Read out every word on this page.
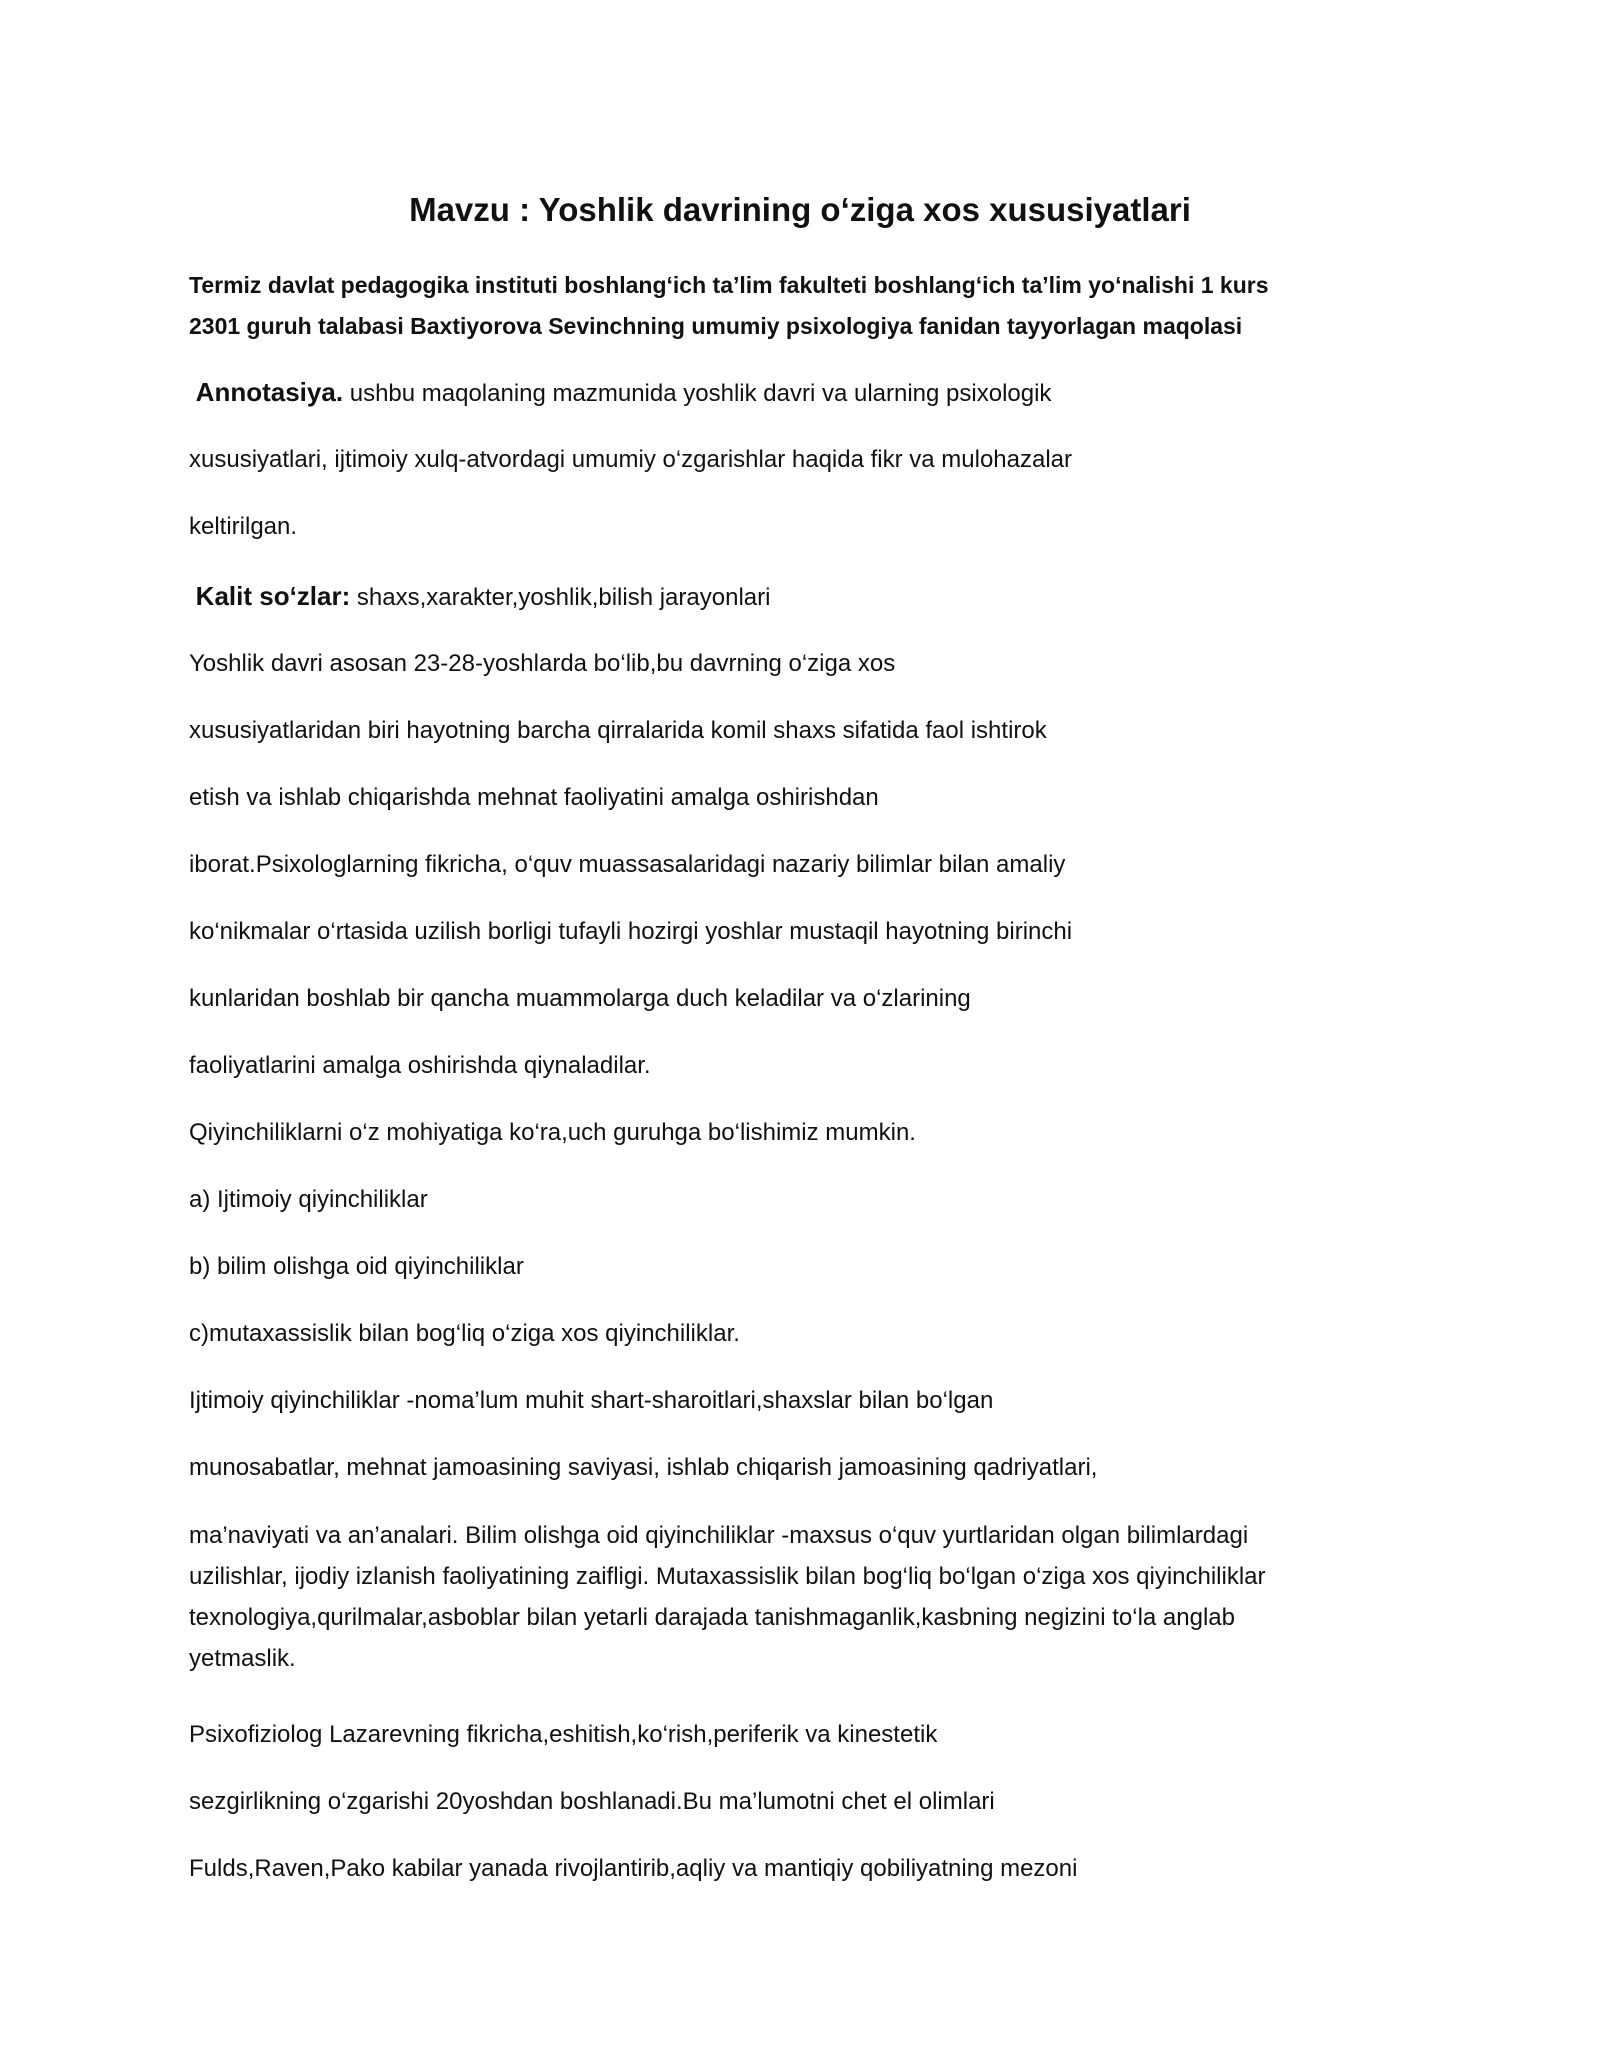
Mavzu : Yoshlik davrining o‘ziga xos xususiyatlari
Termiz davlat pedagogika instituti boshlang‘ich ta’lim fakulteti boshlang‘ich ta’lim yo‘nalishi 1 kurs
2301 guruh talabasi Baxtiyorova Sevinchning umumiy psixologiya fanidan tayyorlagan maqolasi
Annotasiya. ushbu maqolaning mazmunida yoshlik davri va ularning psixologik
xususiyatlari, ijtimoiy xulq-atvordagi umumiy o‘zgarishlar haqida fikr va mulohazalar
keltirilgan.
Kalit so‘zlar: shaxs,xarakter,yoshlik,bilish jarayonlari
Yoshlik davri asosan 23-28-yoshlarda bo‘lib,bu davrning o‘ziga xos
xususiyatlaridan biri hayotning barcha qirralarida komil shaxs sifatida faol ishtirok
etish va ishlab chiqarishda mehnat faoliyatini amalga oshirishdan
iborat.Psixologlarning fikricha, o‘quv muassasalaridagi nazariy bilimlar bilan amaliy
ko‘nikmalar o‘rtasida uzilish borligi tufayli hozirgi yoshlar mustaqil hayotning birinchi
kunlaridan boshlab bir qancha muammolarga duch keladilar va o‘zlarining
faoliyatlarini amalga oshirishda qiynaladilar.
Qiyinchiliklarni o‘z mohiyatiga ko‘ra,uch guruhga bo‘lishimiz mumkin.
a) Ijtimoiy qiyinchiliklar
b) bilim olishga oid qiyinchiliklar
c)mutaxassislik bilan bog‘liq o‘ziga xos qiyinchiliklar.
Ijtimoiy qiyinchiliklar -noma’lum muhit shart-sharoitlari,shaxslar bilan bo‘lgan
munosabatlar, mehnat jamoasining saviyasi, ishlab chiqarish jamoasining qadriyatlari,
ma’naviyati va an’analari. Bilim olishga oid qiyinchiliklar -maxsus o‘quv yurtlaridan olgan bilimlardagi
uzilishlar, ijodiy izlanish faoliyatining zaifligi. Mutaxassislik bilan bog‘liq bo‘lgan o‘ziga xos qiyinchiliklar
texnologiya,qurilmalar,asboblar bilan yetarli darajada tanishmaganlik,kasbning negizini to‘la anglab
yetmaslik.
Psixofiziolog Lazarevning fikricha,eshitish,ko‘rish,periferik va kinestetik
sezgirlikning o‘zgarishi 20yoshdan boshlanadi.Bu ma’lumotni chet el olimlari
Fulds,Raven,Pako kabilar yanada rivojlantirib,aqliy va mantiqiy qobiliyatning mezoni
